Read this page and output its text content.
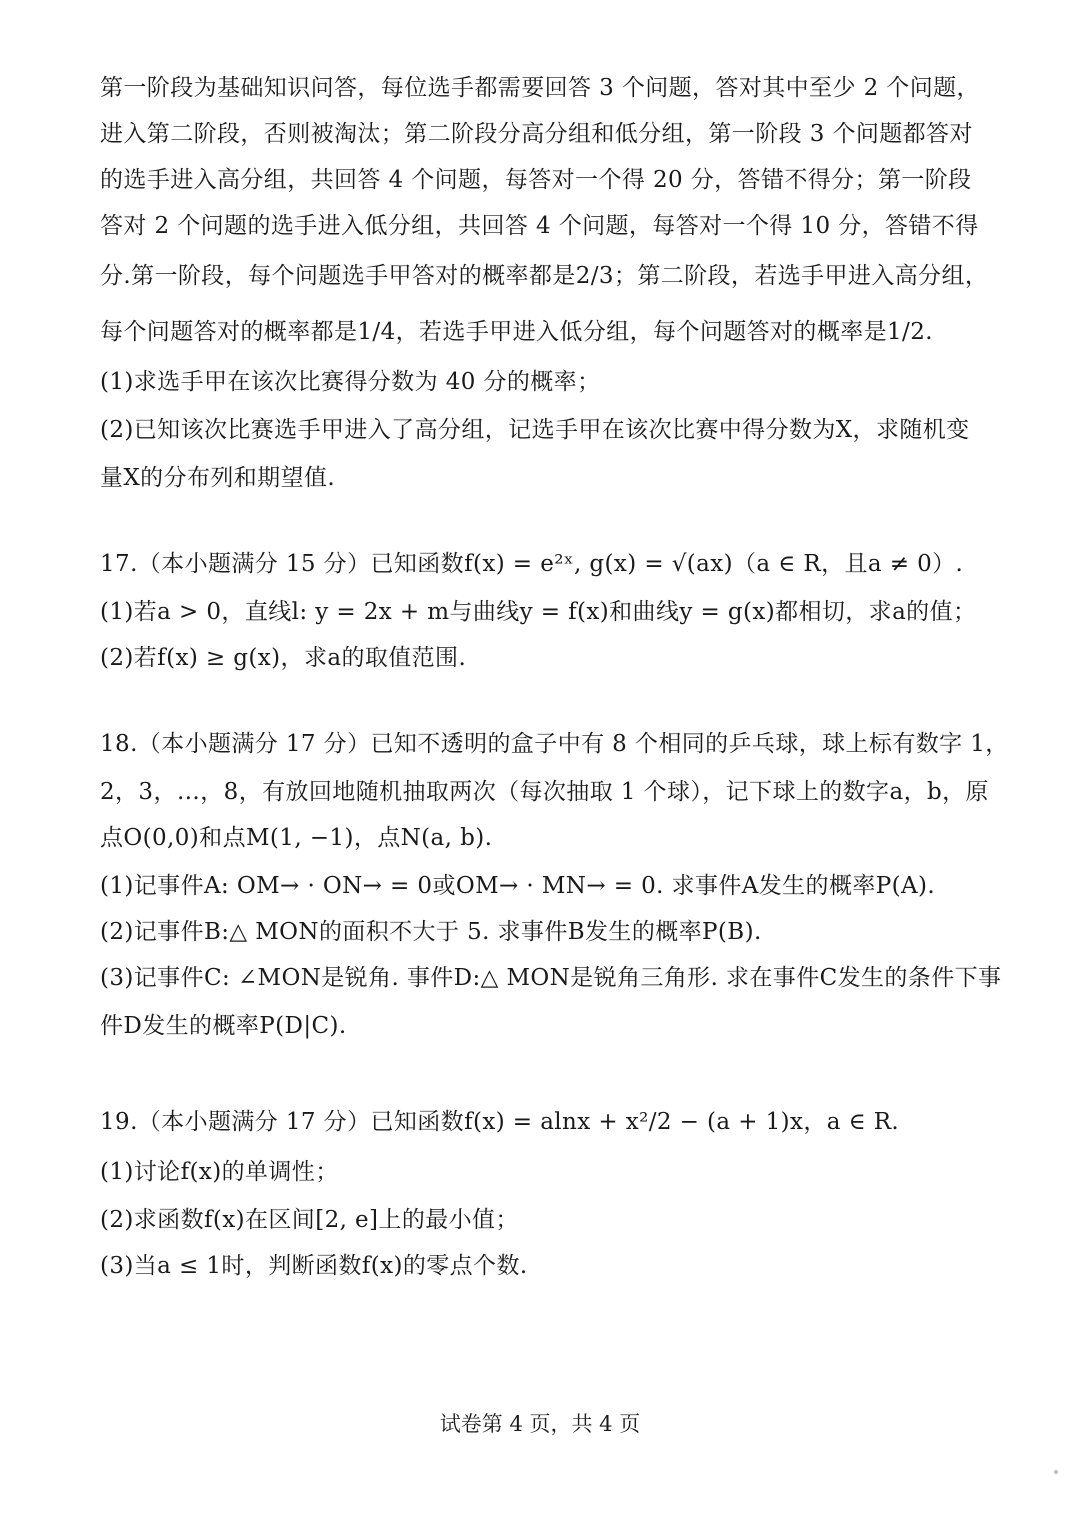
第一阶段为基础知识问答，每位选手都需要回答 3 个问题，答对其中至少 2 个问题，
进入第二阶段，否则被淘汰；第二阶段分高分组和低分组，第一阶段 3 个问题都答对
的选手进入高分组，共回答 4 个问题，每答对一个得 20 分，答错不得分；第一阶段
答对 2 个问题的选手进入低分组，共回答 4 个问题，每答对一个得 10 分，答错不得
分.第一阶段，每个问题选手甲答对的概率都是2/3；第二阶段，若选手甲进入高分组，
每个问题答对的概率都是1/4，若选手甲进入低分组，每个问题答对的概率是1/2.
(1)求选手甲在该次比赛得分数为 40 分的概率；
(2)已知该次比赛选手甲进入了高分组，记选手甲在该次比赛中得分数为X，求随机变
量X的分布列和期望值.
17.（本小题满分 15 分）已知函数f(x) = e²ˣ, g(x) = √(ax)（a ∈ R，且a ≠ 0）.
(1)若a > 0，直线l: y = 2x + m与曲线y = f(x)和曲线y = g(x)都相切，求a的值；
(2)若f(x) ≥ g(x)，求a的取值范围.
18.（本小题满分 17 分）已知不透明的盒子中有 8 个相同的乒乓球，球上标有数字 1，
2，3，…，8，有放回地随机抽取两次（每次抽取 1 个球），记下球上的数字a，b，原
点O(0,0)和点M(1, −1)，点N(a, b).
(1)记事件A: OM→ · ON→ = 0或OM→ · MN→ = 0. 求事件A发生的概率P(A).
(2)记事件B:△ MON的面积不大于 5. 求事件B发生的概率P(B).
(3)记事件C: ∠MON是锐角. 事件D:△ MON是锐角三角形. 求在事件C发生的条件下事
件D发生的概率P(D|C).
19.（本小题满分 17 分）已知函数f(x) = alnx + x²/2 − (a + 1)x，a ∈ R.
(1)讨论f(x)的单调性；
(2)求函数f(x)在区间[2, e]上的最小值；
(3)当a ≤ 1时，判断函数f(x)的零点个数.
试卷第 4 页，共 4 页
